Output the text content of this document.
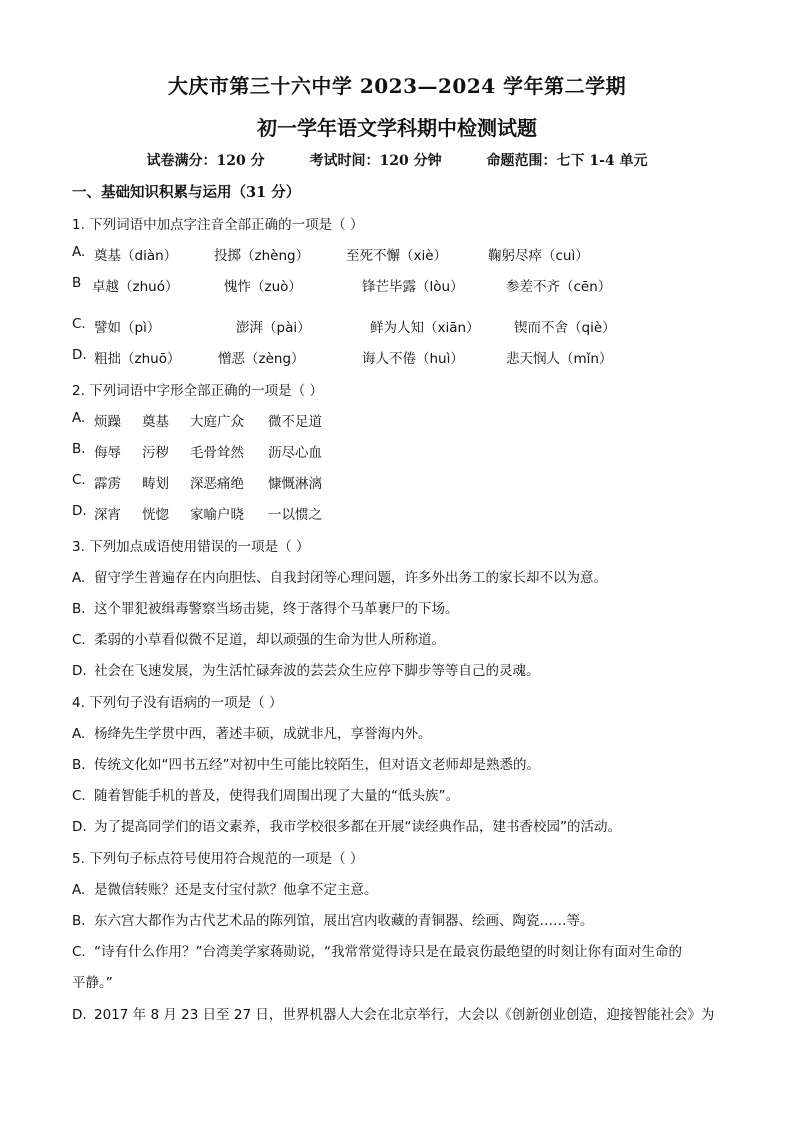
大庆市第三十六中学 2023—2024 学年第二学期
初一学年语文学科期中检测试题
试卷满分：120 分	考试时间：120 分钟	命题范围：七下 1-4 单元
一、基础知识积累与运用（31 分）
1. 下列词语中加点字注音全部正确的一项是（ ）
A. 奠基（diàn）	投掷（zhèng）	至死不懈（xiè）	鞠躬尽瘁（cuì）
B 卓越（zhuó）	愧怍（zuò）	锋芒毕露（lòu）	参差不齐（cēn）
C. 譬如（pì）	澎湃（pài）	鲜为人知（xiān）	锲而不舍（qiè）
D. 粗拙（zhuō）	憎恶（zèng）	诲人不倦（huì）	悲天悯人（mǐn）
2. 下列词语中字形全部正确的一项是（ ）
A. 烦躁 奠基 大庭广众 微不足道
B. 侮辱 污秽 毛骨耸然 沥尽心血
C. 霹雳 畴划 深恶痛绝 慷慨淋漓
D. 深宵 恍惚 家喻户晓 一以惯之
3. 下列加点成语使用错误的一项是（ ）
A. 留守学生普遍存在内向胆怯、自我封闭等心理问题，许多外出务工的家长却不以为意。
B. 这个罪犯被缉毒警察当场击毙，终于落得个马革裹尸的下场。
C. 柔弱的小草看似微不足道，却以顽强的生命为世人所称道。
D. 社会在飞速发展，为生活忙碌奔波的芸芸众生应停下脚步等等自己的灵魂。
4. 下列句子没有语病的一项是（ ）
A. 杨绛先生学贯中西，著述丰硕，成就非凡，享誉海内外。
B. 传统文化如“四书五经”对初中生可能比较陌生，但对语文老师却是熟悉的。
C. 随着智能手机的普及，使得我们周围出现了大量的“低头族”。
D. 为了提高同学们的语文素养，我市学校很多都在开展“读经典作品，建书香校园”的活动。
5. 下列句子标点符号使用符合规范的一项是（ ）
A. 是微信转账？还是支付宝付款？他拿不定主意。
B. 东六宫大都作为古代艺术品的陈列馆，展出宫内收藏的青铜器、绘画、陶瓷……等。
C. “诗有什么作用？”台湾美学家蒋勋说，“我常常觉得诗只是在最哀伤最绝望的时刻让你有面对生命的
平静。”
D. 2017 年 8 月 23 日至 27 日，世界机器人大会在北京举行，大会以《创新创业创造，迎接智能社会》为
